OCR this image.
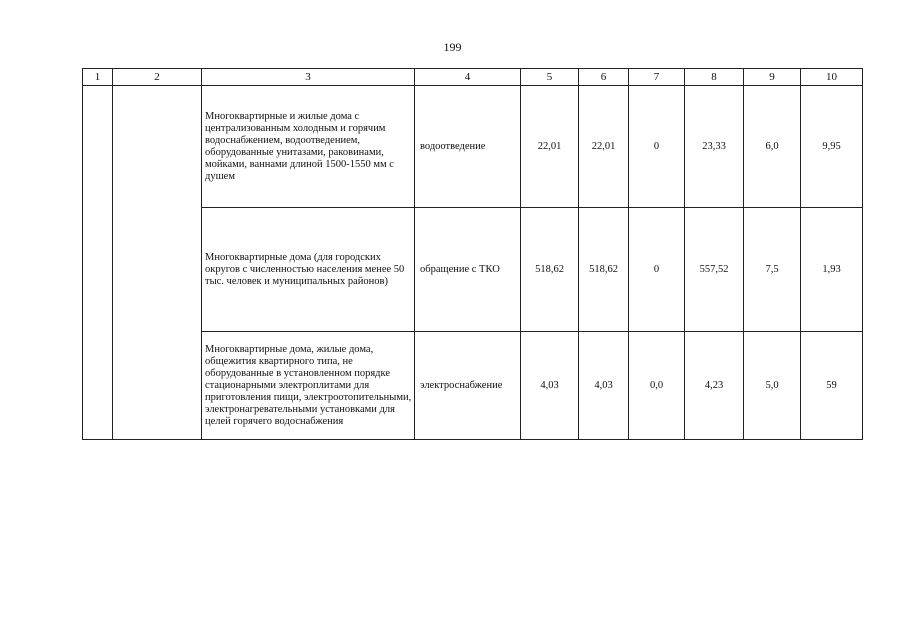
199
1	2	3	4	5	6	7	8	9	10
		Многоквартирные и жилые дома с централизованным холодным и горячим водоснабжением, водоотведением, оборудованные унитазами, раковинами, мойками, ваннами длиной 1500-1550 мм с душем	водоотведение	22,01	22,01	0	23,33	6,0	9,95
		Многоквартирные дома (для городских округов с численностью населения менее 50 тыс. человек и муниципальных районов)	обращение с ТКО	518,62	518,62	0	557,52	7,5	1,93
		Многоквартирные дома, жилые дома, общежития квартирного типа, не оборудованные в установленном порядке стационарными электроплитами для приготовления пищи, электроотопительными, электронагревательными установками для целей горячего водоснабжения	электроснабжение	4,03	4,03	0,0	4,23	5,0	59
